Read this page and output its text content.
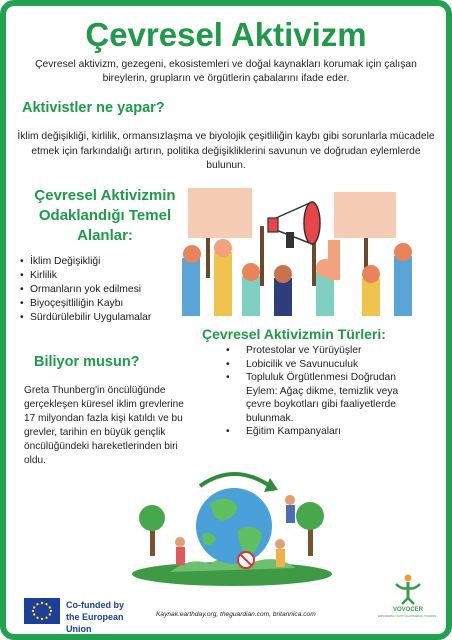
Çevresel Aktivizm

Çevresel aktivizm, gezegeni, ekosistemleri ve doğal kaynakları korumak için çalışan bireylerin, grupların ve örgütlerin çabalarını ifade eder.

Aktivistler ne yapar?

İklim değişikliği, kirlilik, ormansızlaşma ve biyolojik çeşitliliğin kaybı gibi sorunlarla mücadele etmek için farkındalığı artırın, politika değişikliklerini savunun ve doğrudan eylemlerde bulunun.

Çevresel Aktivizmin Odaklandığı Temel Alanlar:
• İklim Değişikliği
• Kirlilik
• Ormanların yok edilmesi
• Biyoçeşitliliğin Kaybı
• Sürdürülebilir Uygulamalar
Biliyor musun?

Greta Thunberg'in öncülüğünde gerçekleşen küresel iklim grevlerine 17 milyondan fazla kişi katıldı ve bu grevler, tarihin en büyük gençlik öncülüğündeki hareketlerinden biri oldu.

Çevresel Aktivizmin Türleri:
• Protestolar ve Yürüyüşler
• Lobicilik ve Savunuculuk
• Topluluk Örgütlenmesi Doğrudan Eylem: Ağaç dikme, temizlik veya çevre boykotları gibi faaliyetlerde bulunmak.
• Eğitim Kampanyaları
Co-funded by
the European Union
Kaynak:earthday.org, theguardian.com, britannica.com
VOVOCER
EMPOWERING YOUTH VOLUNTEERING TOWARDS...
